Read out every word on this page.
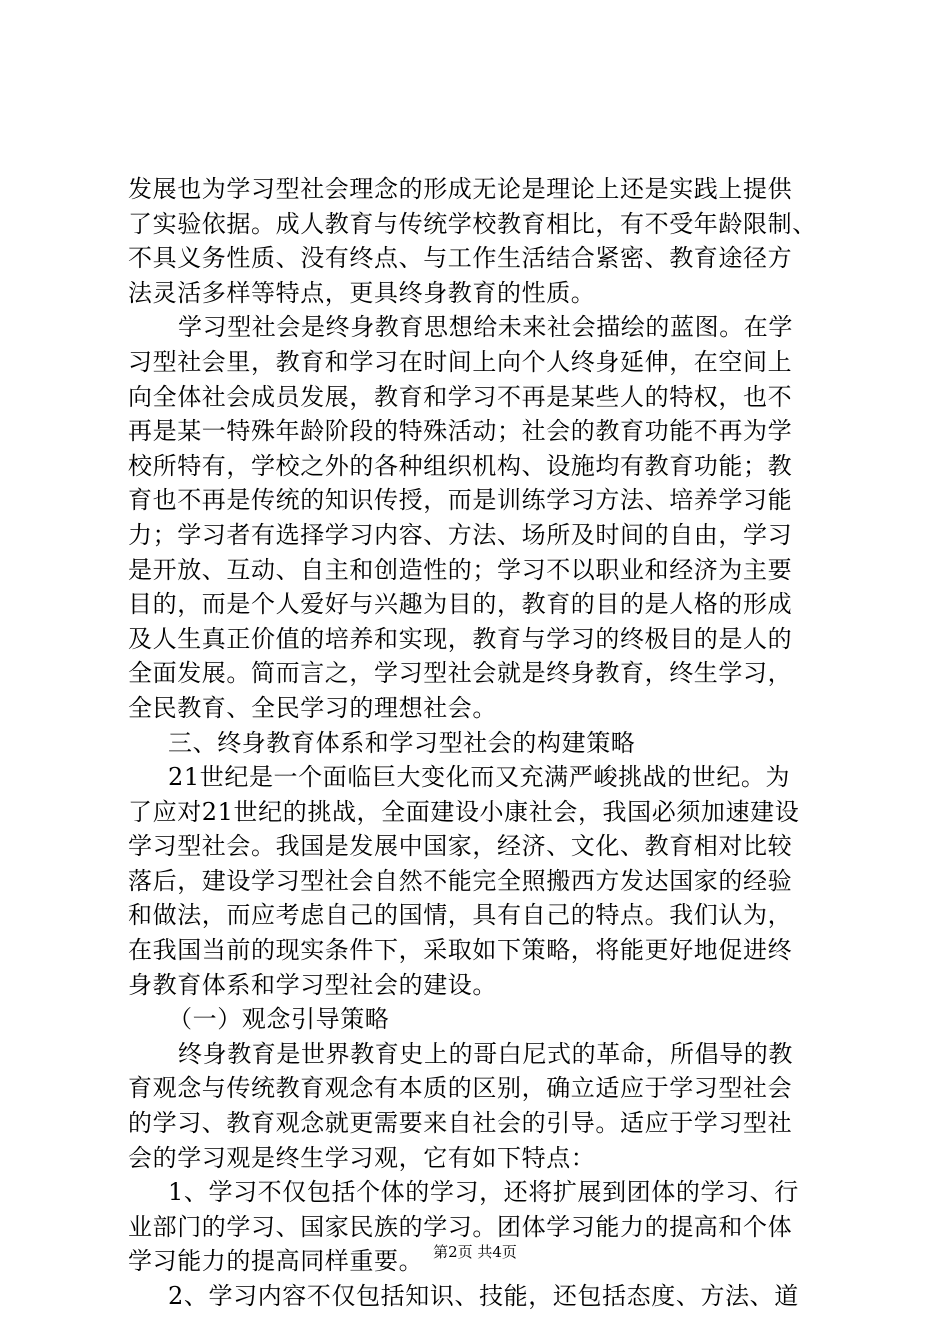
发展也为学习型社会理念的形成无论是理论上还是实践上提供
了实验依据。成人教育与传统学校教育相比，有不受年龄限制、
不具义务性质、没有终点、与工作生活结合紧密、教育途径方
法灵活多样等特点，更具终身教育的性质。
学习型社会是终身教育思想给未来社会描绘的蓝图。在学
习型社会里，教育和学习在时间上向个人终身延伸，在空间上
向全体社会成员发展，教育和学习不再是某些人的特权，也不
再是某一特殊年龄阶段的特殊活动；社会的教育功能不再为学
校所特有，学校之外的各种组织机构、设施均有教育功能；教
育也不再是传统的知识传授，而是训练学习方法、培养学习能
力；学习者有选择学习内容、方法、场所及时间的自由，学习
是开放、互动、自主和创造性的；学习不以职业和经济为主要
目的，而是个人爱好与兴趣为目的，教育的目的是人格的形成
及人生真正价值的培养和实现，教育与学习的终极目的是人的
全面发展。简而言之，学习型社会就是终身教育，终生学习，
全民教育、全民学习的理想社会。
三、终身教育体系和学习型社会的构建策略
21世纪是一个面临巨大变化而又充满严峻挑战的世纪。为
了应对21世纪的挑战，全面建设小康社会，我国必须加速建设
学习型社会。我国是发展中国家，经济、文化、教育相对比较
落后，建设学习型社会自然不能完全照搬西方发达国家的经验
和做法，而应考虑自己的国情，具有自己的特点。我们认为，
在我国当前的现实条件下，采取如下策略，将能更好地促进终
身教育体系和学习型社会的建设。
（一）观念引导策略
终身教育是世界教育史上的哥白尼式的革命，所倡导的教
育观念与传统教育观念有本质的区别，确立适应于学习型社会
的学习、教育观念就更需要来自社会的引导。适应于学习型社
会的学习观是终生学习观，它有如下特点：
1、学习不仅包括个体的学习，还将扩展到团体的学习、行
业部门的学习、国家民族的学习。团体学习能力的提高和个体
学习能力的提高同样重要。
2、学习内容不仅包括知识、技能，还包括态度、方法、道
第2页 共4页
